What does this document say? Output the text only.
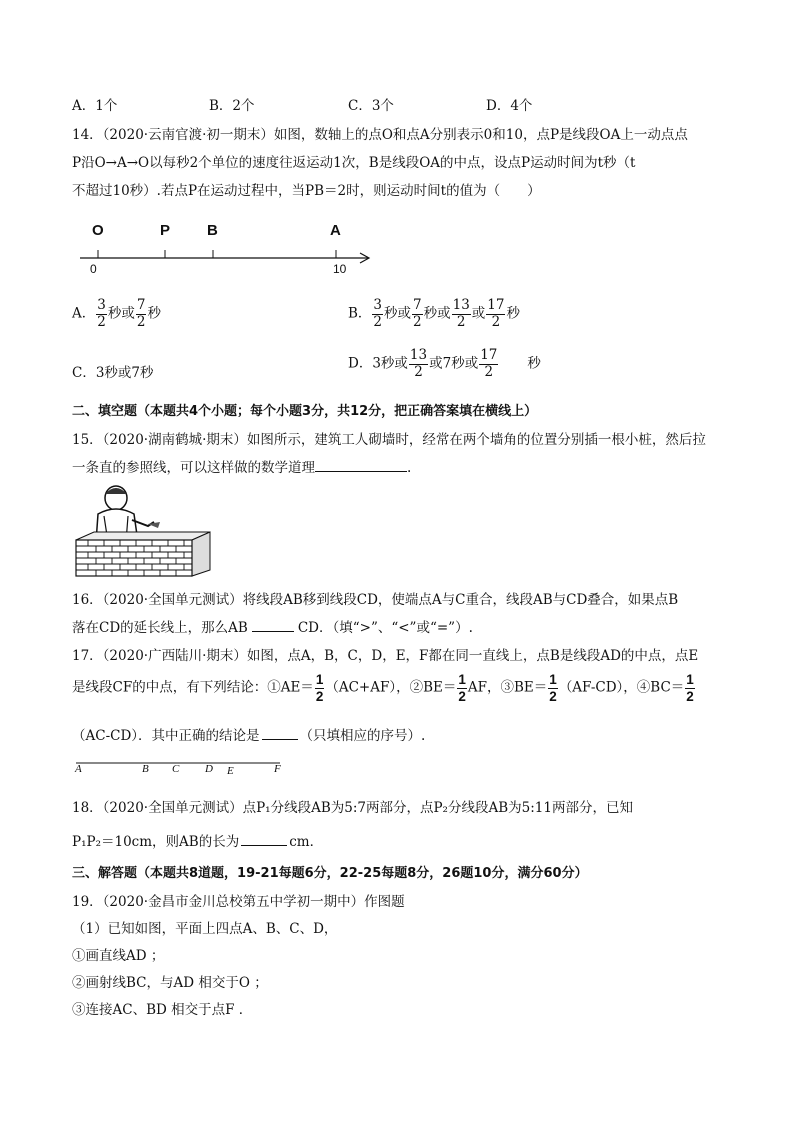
A．1个	B．2个	C．3个	D．4个
14．（2020·云南官渡·初一期末）如图，数轴上的点O和点A分别表示0和10，点P是线段OA上一动点点
P沿O→A→O以每秒2个单位的速度往返运动1次，B是线段OA的中点，设点P运动时间为t秒（t
不超过10秒）.若点P在运动过程中，当PB＝2时，则运动时间t的值为（　　）
O	P B	A
0	10
A． $\frac{3}{2}$ 秒或 $\frac{7}{2}$ 秒	B． $\frac{3}{2}$ 秒或 $\frac{7}{2}$ 秒或 $\frac{13}{2}$ 或 $\frac{17}{2}$ 秒
C．3秒或7秒
D．3秒或 $\frac{13}{2}$ 或7秒或 $\frac{17}{2}$ 秒
二、填空题（本题共4个小题；每个小题3分，共12分，把正确答案填在横线上）
15．（2020·湖南鹤城·期末）如图所示，建筑工人砌墙时，经常在两个墙角的位置分别插一根小桩，然后拉
一条直的参照线，可以这样做的数学道理	.
16．（2020·全国单元测试）将线段AB移到线段CD，使端点A与C重合，线段AB与CD叠合，如果点B
落在CD的延长线上，那么AB	CD．（填“>”、“<”或“=”）.
17．（2020·广西陆川·期末）如图，点A，B，C，D，E，F都在同一直线上，点B是线段AD的中点，点E
是线段CF的中点，有下列结论：①AE＝ $\frac{1}{2} (AC+AF)$，②BE＝ $\frac{1}{2}$ AF，③BE＝ $\frac{1}{2} (AF-CD)$，④BC＝ $\frac{1}{2}$
（AC-CD）．其中正确的结论是	（只填相应的序号）.
A	B C D E	F
18．（2020·全国单元测试）点P₁分线段AB为5:7两部分，点P₂分线段AB为5:11两部分，已知
P₁P₂＝10cm，则AB的长为	cm．
三、解答题（本题共8道题，19-21每题6分，22-25每题8分，26题10分，满分60分）
19．（2020·金昌市金川总校第五中学初一期中）作图题
（1）已知如图，平面上四点A、B、C、D，
①画直线AD ；
②画射线BC，与AD 相交于O ；
③连接AC、BD 相交于点F ．
